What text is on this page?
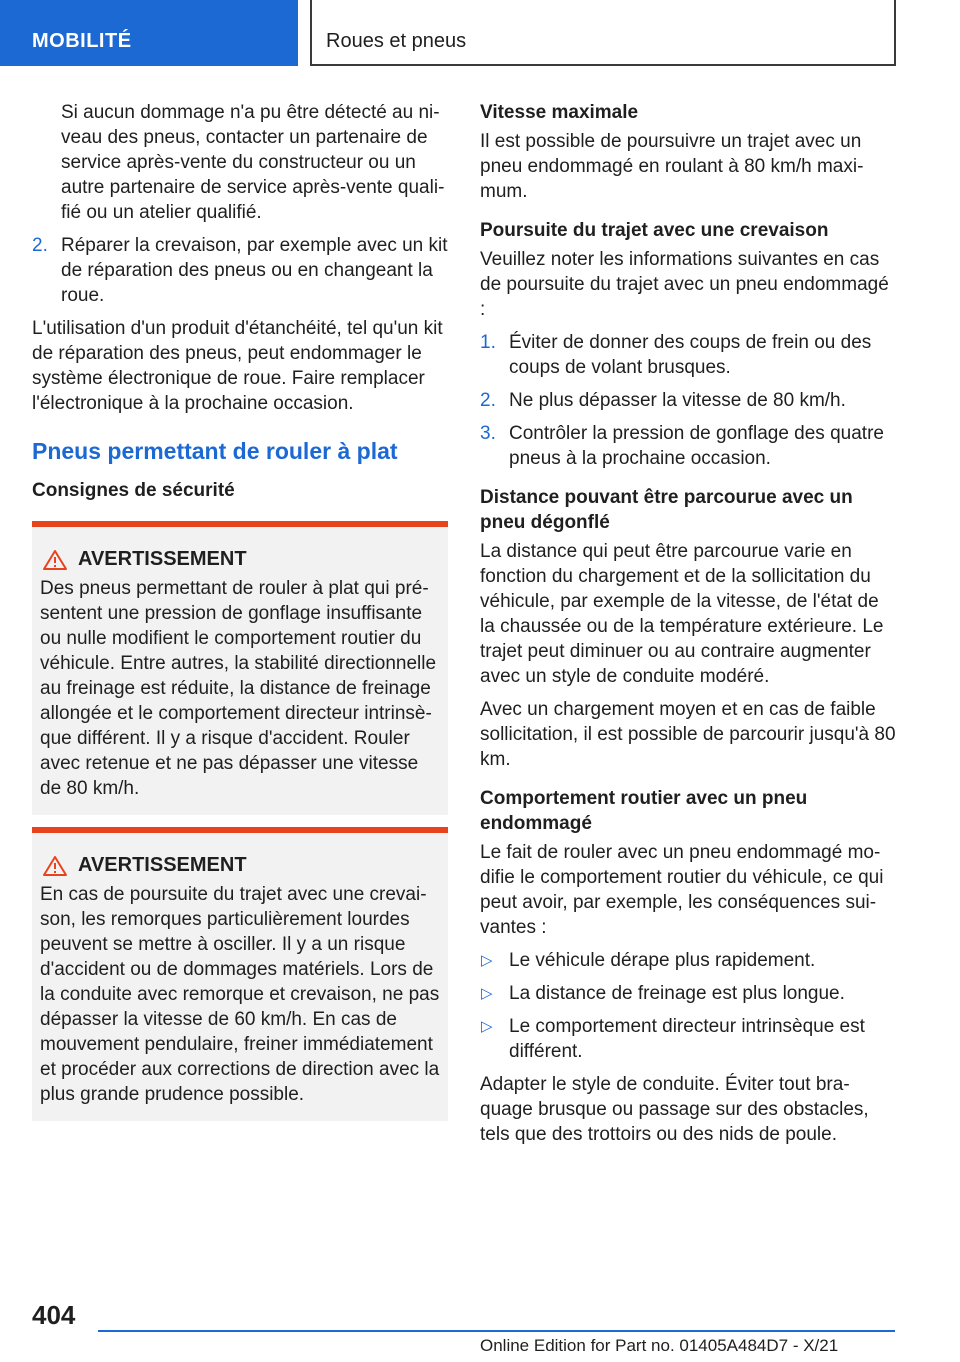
MOBILITÉ	Roues et pneus

Si aucun dommage n'a pu être détecté au niveau des pneus, contacter un partenaire de service après-vente du constructeur ou un autre partenaire de service après-vente qualifié ou un atelier qualifié.

2. Réparer la crevaison, par exemple avec un kit de réparation des pneus ou en changeant la roue.

L'utilisation d'un produit d'étanchéité, tel qu'un kit de réparation des pneus, peut endommager le système électronique de roue. Faire remplacer l'électronique à la prochaine occasion.

Pneus permettant de rouler à plat
Consignes de sécurité
AVERTISSEMENT
Des pneus permettant de rouler à plat qui présentent une pression de gonflage insuffisante ou nulle modifient le comportement routier du véhicule. Entre autres, la stabilité directionnelle au freinage est réduite, la distance de freinage allongée et le comportement directeur intrinsèque différent. Il y a risque d'accident. Rouler avec retenue et ne pas dépasser une vitesse de 80 km/h.
AVERTISSEMENT
En cas de poursuite du trajet avec une crevaison, les remorques particulièrement lourdes peuvent se mettre à osciller. Il y a un risque d'accident ou de dommages matériels. Lors de la conduite avec remorque et crevaison, ne pas dépasser la vitesse de 60 km/h. En cas de mouvement pendulaire, freiner immédiatement et procéder aux corrections de direction avec la plus grande prudence possible.
Vitesse maximale

Il est possible de poursuivre un trajet avec un pneu endommagé en roulant à 80 km/h maximum.

Poursuite du trajet avec une crevaison

Veuillez noter les informations suivantes en cas de poursuite du trajet avec un pneu endommagé :

1. Éviter de donner des coups de frein ou des coups de volant brusques.
2. Ne plus dépasser la vitesse de 80 km/h.
3. Contrôler la pression de gonflage des quatre pneus à la prochaine occasion.
Distance pouvant être parcourue avec un pneu dégonflé

La distance qui peut être parcourue varie en fonction du chargement et de la sollicitation du véhicule, par exemple de la vitesse, de l'état de la chaussée ou de la température extérieure. Le trajet peut diminuer ou au contraire augmenter avec un style de conduite modéré.

Avec un chargement moyen et en cas de faible sollicitation, il est possible de parcourir jusqu'à 80 km.

Comportement routier avec un pneu endommagé

Le fait de rouler avec un pneu endommagé modifie le comportement routier du véhicule, ce qui peut avoir, par exemple, les conséquences suivantes :

▷ Le véhicule dérape plus rapidement.
▷ La distance de freinage est plus longue.
▷ Le comportement directeur intrinsèque est différent.

Adapter le style de conduite. Éviter tout braquage brusque ou passage sur des obstacles, tels que des trottoirs ou des nids de poule.

404
Online Edition for Part no. 01405A484D7 - X/21
